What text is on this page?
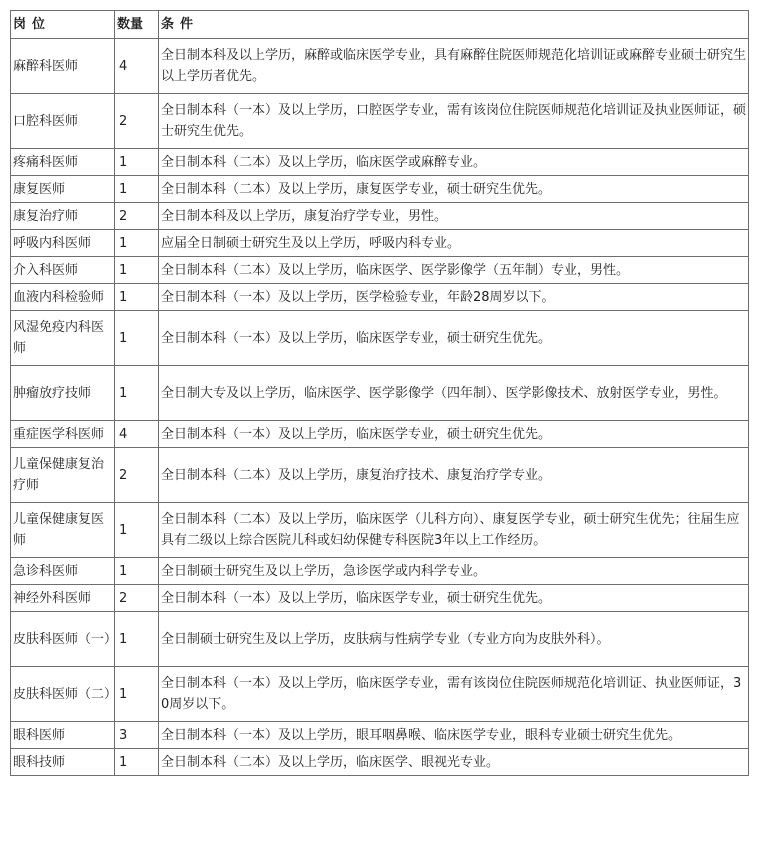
岗位	数量	条件
麻醉科医师	4	全日制本科及以上学历，麻醉或临床医学专业，具有麻醉住院医师规范化培训证或麻醉专业硕士研究生以上学历者优先。
口腔科医师	2	全日制本科（一本）及以上学历，口腔医学专业，需有该岗位住院医师规范化培训证及执业医师证，硕士研究生优先。
疼痛科医师	1	全日制本科（二本）及以上学历，临床医学或麻醉专业。
康复医师	1	全日制本科（二本）及以上学历，康复医学专业，硕士研究生优先。
康复治疗师	2	全日制本科及以上学历，康复治疗学专业，男性。
呼吸内科医师	1	应届全日制硕士研究生及以上学历，呼吸内科专业。
介入科医师	1	全日制本科（二本）及以上学历，临床医学、医学影像学（五年制）专业，男性。
血液内科检验师	1	全日制本科（一本）及以上学历，医学检验专业，年龄28周岁以下。
风湿免疫内科医师	1	全日制本科（一本）及以上学历，临床医学专业，硕士研究生优先。
肿瘤放疗技师	1	全日制大专及以上学历，临床医学、医学影像学（四年制）、医学影像技术、放射医学专业，男性。
重症医学科医师	4	全日制本科（一本）及以上学历，临床医学专业，硕士研究生优先。
儿童保健康复治疗师	2	全日制本科（二本）及以上学历，康复治疗技术、康复治疗学专业。
儿童保健康复医师	1	全日制本科（二本）及以上学历，临床医学（儿科方向）、康复医学专业，硕士研究生优先；往届生应具有二级以上综合医院儿科或妇幼保健专科医院3年以上工作经历。
急诊科医师	1	全日制硕士研究生及以上学历，急诊医学或内科学专业。
神经外科医师	2	全日制本科（一本）及以上学历，临床医学专业，硕士研究生优先。
皮肤科医师（一）	1	全日制硕士研究生及以上学历，皮肤病与性病学专业（专业方向为皮肤外科）。
皮肤科医师（二）	1	全日制本科（一本）及以上学历，临床医学专业，需有该岗位住院医师规范化培训证、执业医师证，30周岁以下。
眼科医师	3	全日制本科（一本）及以上学历，眼耳咽鼻喉、临床医学专业，眼科专业硕士研究生优先。
眼科技师	1	全日制本科（二本）及以上学历，临床医学、眼视光专业。
